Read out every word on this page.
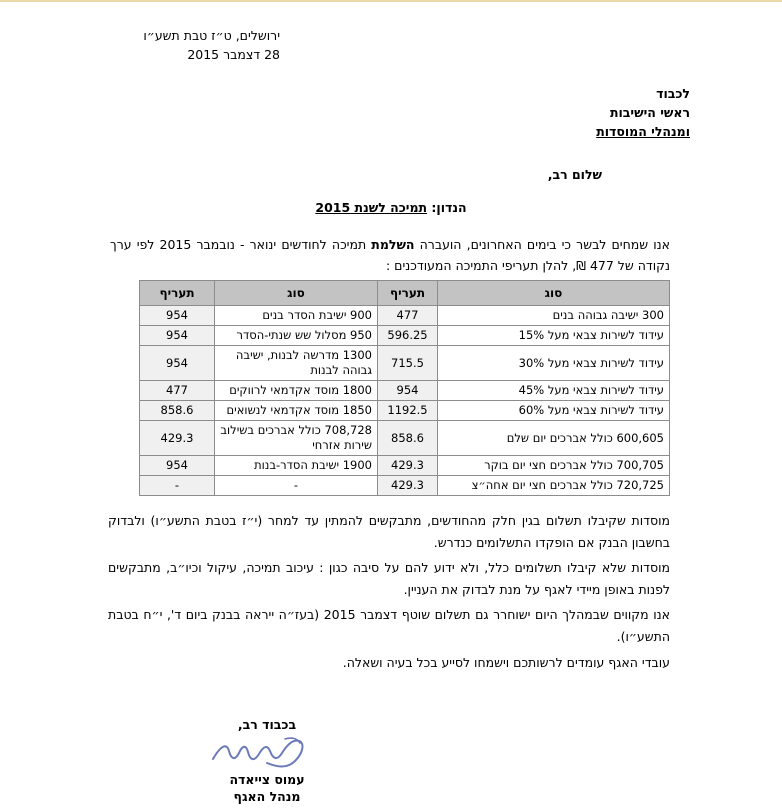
ירושלים, ט״ז טבת תשע״ו
28 דצמבר 2015
לכבוד
ראשי הישיבות
ומנהלי המוסדות
שלום רב,
הנדון: תמיכה לשנת 2015
אנו שמחים לבשר כי בימים האחרונים, הועברה השלמת תמיכה לחודשים ינואר - נובמבר 2015 לפי ערך נקודה של 477 ₪, להלן תעריפי התמיכה המעודכנים :
סוג	תעריף	סוג	תעריף
300 ישיבה גבוהה בנים	477	900 ישיבת הסדר בנים	954
עידוד לשירות צבאי מעל 15%	596.25	950 מסלול שש שנתי-הסדר	954
עידוד לשירות צבאי מעל 30%	715.5	1300 מדרשה לבנות, ישיבה גבוהה לבנות	954
עידוד לשירות צבאי מעל 45%	954	1800 מוסד אקדמאי לרווקים	477
עידוד לשירות צבאי מעל 60%	1192.5	1850 מוסד אקדמאי לנשואים	858.6
600,605 כולל אברכים יום שלם	858.6	708,728 כולל אברכים בשילוב שירות אזרחי	429.3
700,705 כולל אברכים חצי יום בוקר	429.3	1900 ישיבת הסדר-בנות	954
720,725 כולל אברכים חצי יום אחה״צ	429.3	-	-
מוסדות שקיבלו תשלום בגין חלק מהחודשים, מתבקשים להמתין עד למחר (י״ז בטבת התשע״ו) ולבדוק בחשבון הבנק אם הופקדו התשלומים כנדרש.
מוסדות שלא קיבלו תשלומים כלל, ולא ידוע להם על סיבה כגון : עיכוב תמיכה, עיקול וכיו״ב, מתבקשים לפנות באופן מיידי לאגף על מנת לבדוק את העניין.
אנו מקווים שבמהלך היום ישוחרר גם תשלום שוטף דצמבר 2015 (בעז״ה ייראה בבנק ביום ד', י״ח בטבת התשע״ו).
עובדי האגף עומדים לרשותכם וישמחו לסייע בכל בעיה ושאלה.
בכבוד רב,
עמוס צייאדה
מנהל האגף
